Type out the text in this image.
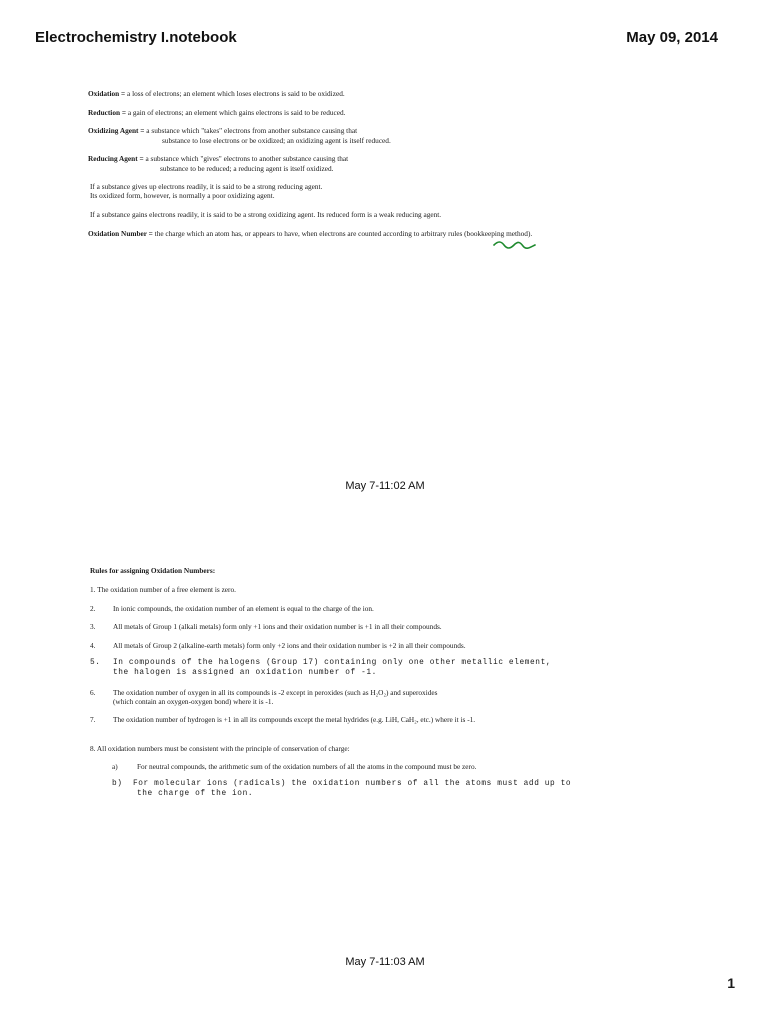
Electrochemistry I.notebook	May 09, 2014
Oxidation = a loss of electrons; an element which loses electrons is said to be oxidized.
Reduction = a gain of electrons; an element which gains electrons is said to be reduced.
Oxidizing Agent = a substance which "takes" electrons from another substance causing that
substance to lose electrons or be oxidized; an oxidizing agent is itself reduced.
Reducing Agent = a substance which "gives" electrons to another substance causing that
substance to be reduced; a reducing agent is itself oxidized.
If a substance gives up electrons readily, it is said to be a strong reducing agent.
Its oxidized form, however, is normally a poor oxidizing agent.
If a substance gains electrons readily, it is said to be a strong oxidizing agent. Its reduced form is a weak reducing agent.
Oxidation Number = the charge which an atom has, or appears to have, when electrons are counted according to arbitrary rules (bookkeeping method).
May 7-11:02 AM
Rules for assigning Oxidation Numbers:
1. The oxidation number of a free element is zero.
2. In ionic compounds, the oxidation number of an element is equal to the charge of the ion.
3. All metals of Group 1 (alkali metals) form only +1 ions and their oxidation number is +1 in all their compounds.
4. All metals of Group 2 (alkaline-earth metals) form only +2 ions and their oxidation number is +2 in all their compounds.
5. In compounds of the halogens (Group 17) containing only one other metallic element,
the halogen is assigned an oxidation number of -1.
6. The oxidation number of oxygen in all its compounds is -2 except in peroxides (such as H₂O₂) and superoxides
(which contain an oxygen-oxygen bond) where it is -1.
7. The oxidation number of hydrogen is +1 in all its compounds except the metal hydrides (e.g. LiH, CaH₂, etc.) where it is -1.
8. All oxidation numbers must be consistent with the principle of conservation of charge:
a)	For neutral compounds, the arithmetic sum of the oxidation numbers of all the atoms in the compound must be zero.
b) For molecular ions (radicals) the oxidation numbers of all the atoms must add up to
the charge of the ion.
May 7-11:03 AM
1
